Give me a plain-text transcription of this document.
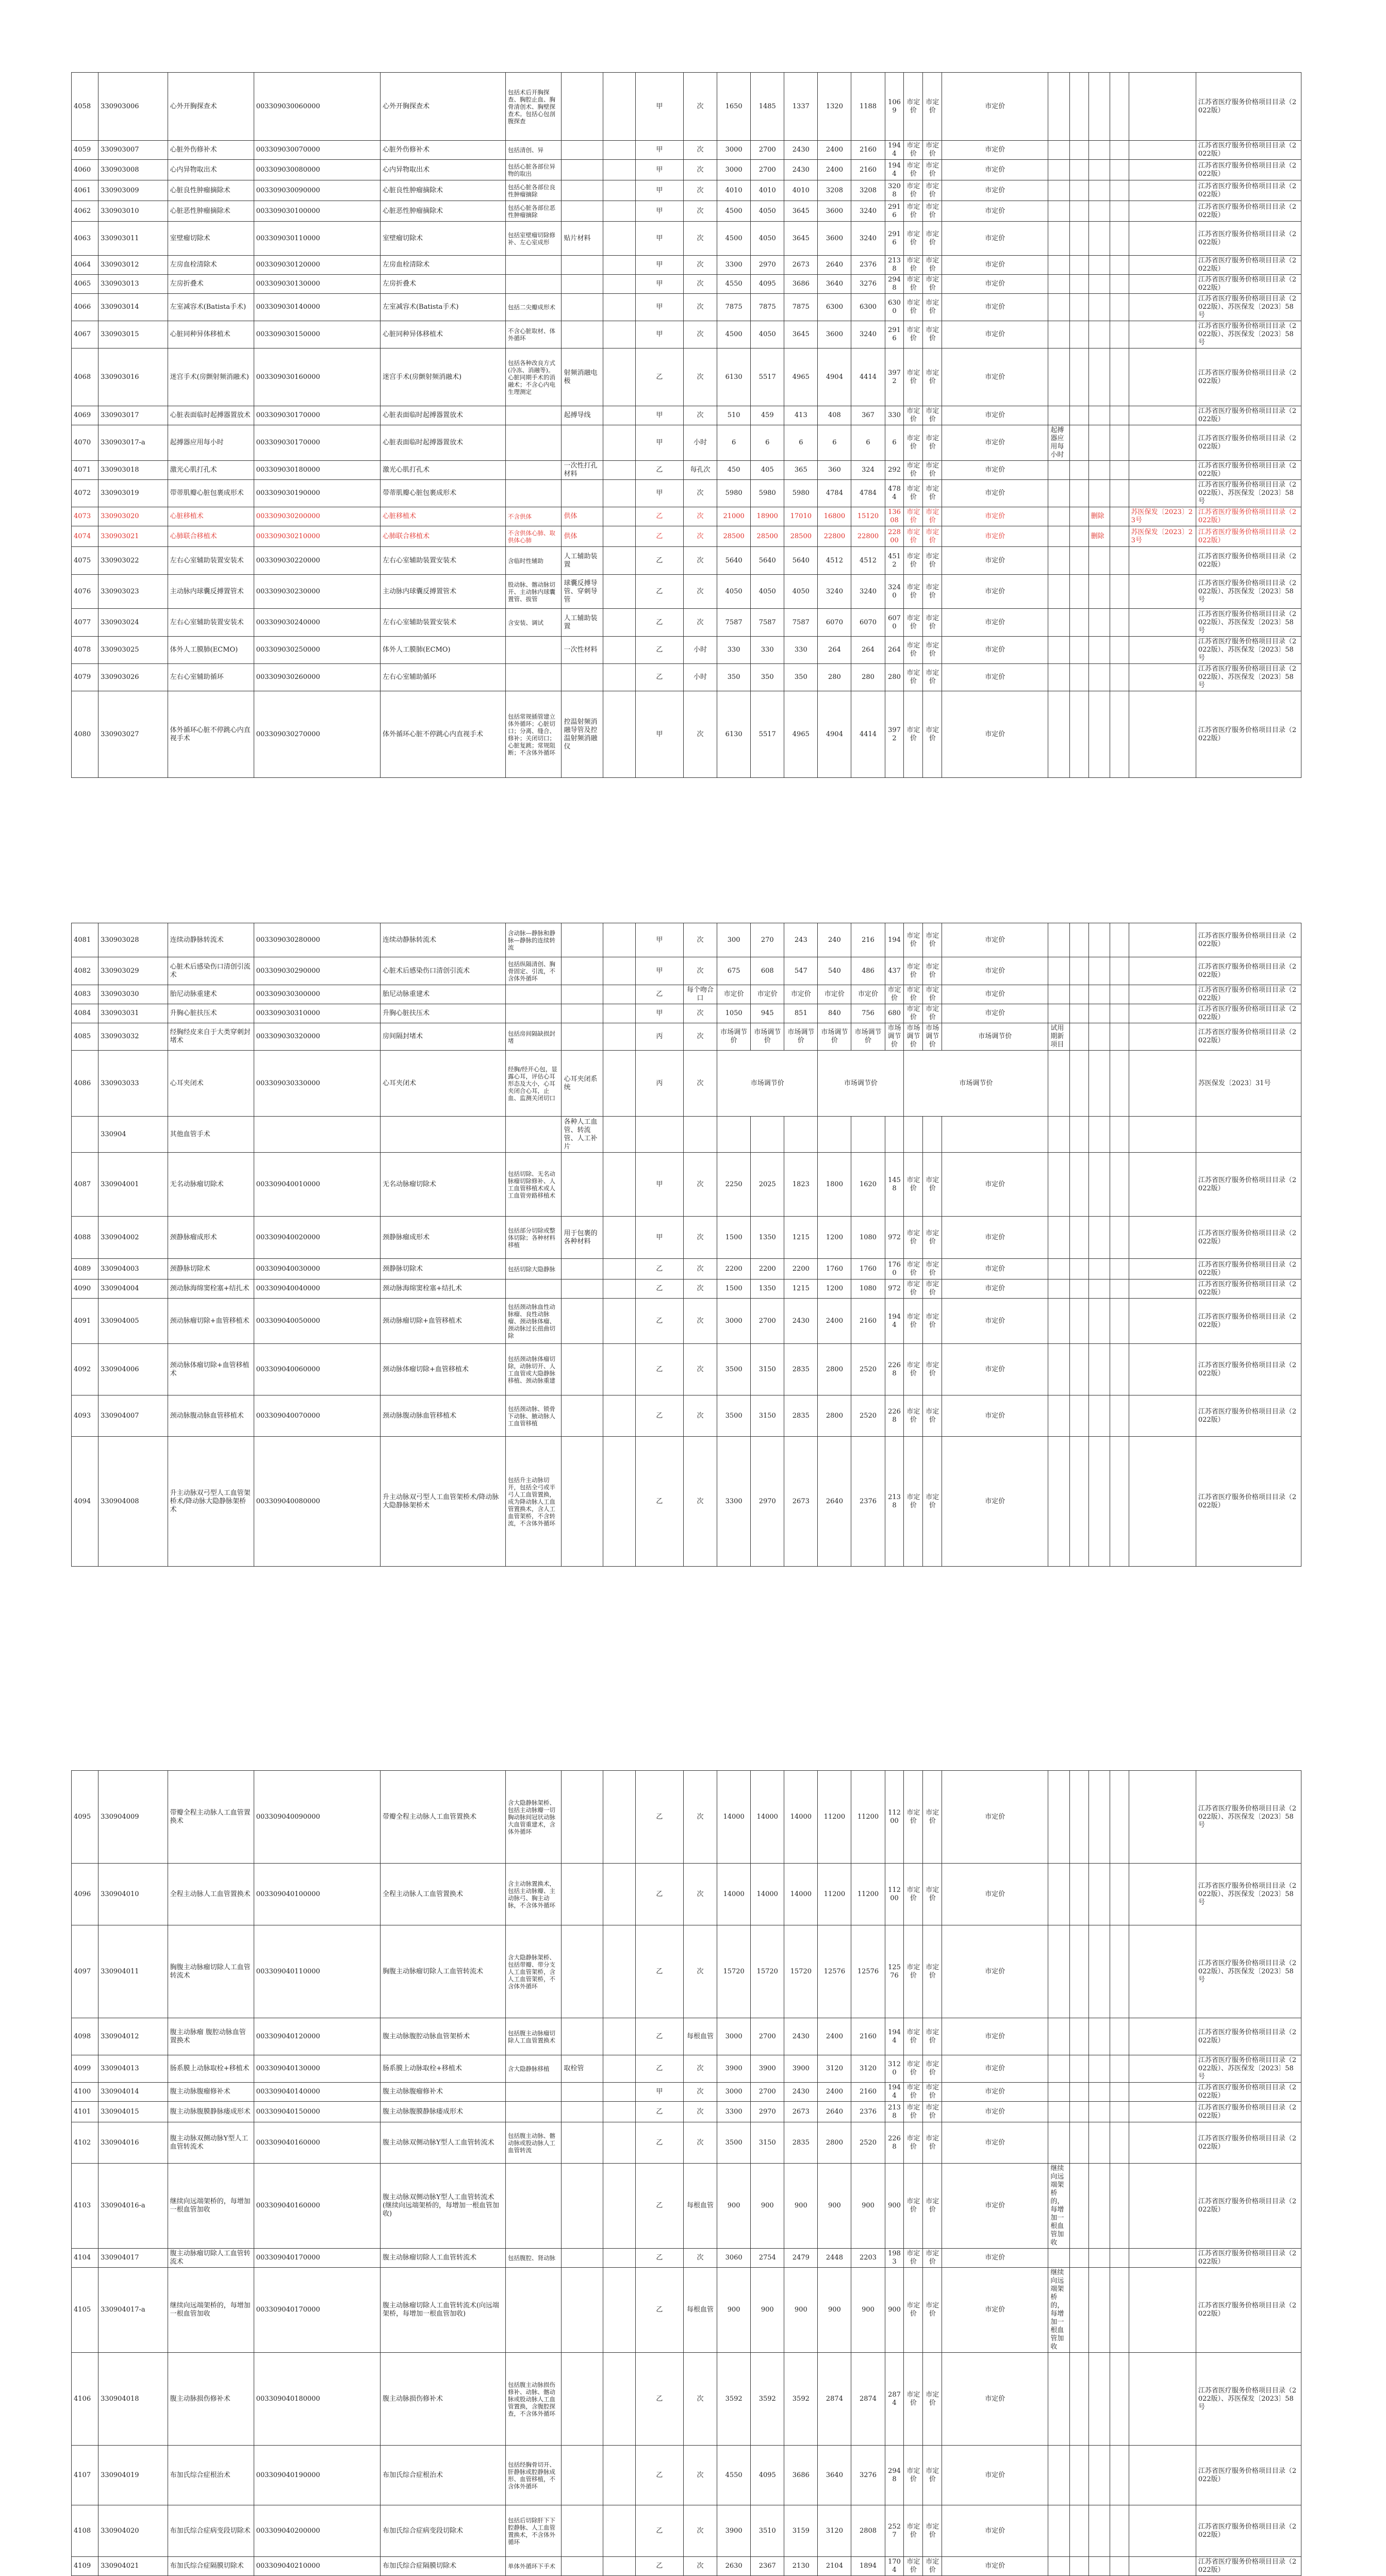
4058	330903006	心外开胸探查术	003309030060000	心外开胸探查术	包括术后开胸探查、胸腔止血、胸骨清创术、胸壁探查术。包括心包剖腹探查			甲	次	1650	1485	1337	1320	1188	1069	市定价	市定价	市定价						江苏省医疗服务价格项目目录（2022版）
4059	330903007	心脏外伤修补术	003309030070000	心脏外伤修补术	包括清创、异			甲	次	3000	2700	2430	2400	2160	1944	市定价	市定价	市定价						江苏省医疗服务价格项目目录（2022版）
4060	330903008	心内异物取出术	003309030080000	心内异物取出术	包括心脏各部位异物的取出			甲	次	3000	2700	2430	2400	2160	1944	市定价	市定价	市定价						江苏省医疗服务价格项目目录（2022版）
4061	330903009	心脏良性肿瘤摘除术	003309030090000	心脏良性肿瘤摘除术	包括心脏各部位良性肿瘤摘除			甲	次	4010	4010	4010	3208	3208	3208	市定价	市定价	市定价						江苏省医疗服务价格项目目录（2022版）
4062	330903010	心脏恶性肿瘤摘除术	003309030100000	心脏恶性肿瘤摘除术	包括心脏各部位恶性肿瘤摘除			甲	次	4500	4050	3645	3600	3240	2916	市定价	市定价	市定价						江苏省医疗服务价格项目目录（2022版）
4063	330903011	室壁瘤切除术	003309030110000	室壁瘤切除术	包括室壁瘤切除修补、左心室成形	贴片材料		甲	次	4500	4050	3645	3600	3240	2916	市定价	市定价	市定价						江苏省医疗服务价格项目目录（2022版）
4064	330903012	左房血栓清除术	003309030120000	左房血栓清除术				甲	次	3300	2970	2673	2640	2376	2138	市定价	市定价	市定价						江苏省医疗服务价格项目目录（2022版）
4065	330903013	左房折叠术	003309030130000	左房折叠术				甲	次	4550	4095	3686	3640	3276	2948	市定价	市定价	市定价						江苏省医疗服务价格项目目录（2022版）
4066	330903014	左室减容术(Batista手术)	003309030140000	左室减容术(Batista手术)	包括二尖瓣成形术			甲	次	7875	7875	7875	6300	6300	6300	市定价	市定价	市定价						江苏省医疗服务价格项目目录（2022版）、苏医保发〔2023〕58号
4067	330903015	心脏同种异体移植术	003309030150000	心脏同种异体移植术	不含心脏取材、体外循环			甲	次	4500	4050	3645	3600	3240	2916	市定价	市定价	市定价						江苏省医疗服务价格项目目录（2022版）、苏医保发〔2023〕58号
4068	330903016	迷宫手术(房颤射频消融术)	003309030160000	迷宫手术(房颤射频消融术)	包括各种改良方式(冷冻、消融等)。心脏同期手术的消融术；不含心内电生理测定	射频消融电极		乙	次	6130	5517	4965	4904	4414	3972	市定价	市定价	市定价						江苏省医疗服务价格项目目录（2022版）
4069	330903017	心脏表面临时起搏器置放术	003309030170000	心脏表面临时起搏器置放术		起搏导线		甲	次	510	459	413	408	367	330	市定价	市定价	市定价						江苏省医疗服务价格项目目录（2022版）
4070	330903017-a	起搏器应用每小时	003309030170000	心脏表面临时起搏器置放术				甲	小时	6	6	6	6	6	6	市定价	市定价	市定价	起搏器应用每小时					江苏省医疗服务价格项目目录（2022版）
4071	330903018	激光心肌打孔术	003309030180000	激光心肌打孔术		一次性打孔材料		乙	每孔次	450	405	365	360	324	292	市定价	市定价	市定价						江苏省医疗服务价格项目目录（2022版）
4072	330903019	带蒂肌瓣心脏包裹成形术	003309030190000	带蒂肌瓣心脏包裹成形术				甲	次	5980	5980	5980	4784	4784	4784	市定价	市定价	市定价						江苏省医疗服务价格项目目录（2022版）、苏医保发〔2023〕58号
4073	330903020	心脏移植术	003309030200000	心脏移植术	不含供体	供体		乙	次	21000	18900	17010	16800	15120	13608	市定价	市定价	市定价			删除		苏医保发〔2023〕23号	江苏省医疗服务价格项目目录（2022版）
4074	330903021	心肺联合移植术	003309030210000	心肺联合移植术	不含供体心肺、取供体心肺	供体		乙	次	28500	28500	28500	22800	22800	22800	市定价	市定价	市定价			删除		苏医保发〔2023〕23号	江苏省医疗服务价格项目目录（2022版）
4075	330903022	左右心室辅助装置安装术	003309030220000	左右心室辅助装置安装术	含临时性辅助	人工辅助装置		乙	次	5640	5640	5640	4512	4512	4512	市定价	市定价	市定价						江苏省医疗服务价格项目目录（2022版）
4076	330903023	主动脉内球囊反搏置管术	003309030230000	主动脉内球囊反搏置管术	股动脉、髂动脉切开、主动脉内球囊置管、拔管	球囊反搏导管、穿刺导管		乙	次	4050	4050	4050	3240	3240	3240	市定价	市定价	市定价						江苏省医疗服务价格项目目录（2022版）、苏医保发〔2023〕58号
4077	330903024	左右心室辅助装置安装术	003309030240000	左右心室辅助装置安装术	含安装、调试	人工辅助装置		乙	次	7587	7587	7587	6070	6070	6070	市定价	市定价	市定价						江苏省医疗服务价格项目目录（2022版）、苏医保发〔2023〕58号
4078	330903025	体外人工膜肺(ECMO)	003309030250000	体外人工膜肺(ECMO)		一次性材料		乙	小时	330	330	330	264	264	264	市定价	市定价	市定价						江苏省医疗服务价格项目目录（2022版）、苏医保发〔2023〕58号
4079	330903026	左右心室辅助循环	003309030260000	左右心室辅助循环				乙	小时	350	350	350	280	280	280	市定价	市定价	市定价						江苏省医疗服务价格项目目录（2022版）、苏医保发〔2023〕58号
4080	330903027	体外循环心脏不停跳心内直视手术	003309030270000	体外循环心脏不停跳心内直视手术	包括常规插管建立体外循环；心脏切口；分离、缝合、修补；关闭切口；心脏复跳；常规阻断；不含体外循环	控温射频消融导管及控温射频消融仪		甲	次	6130	5517	4965	4904	4414	3972	市定价	市定价	市定价						江苏省医疗服务价格项目目录（2022版）
4081	330903028	连续动静脉转流术	003309030280000	连续动静脉转流术	含动脉—静脉和静脉—静脉的连续转流			甲	次	300	270	243	240	216	194	市定价	市定价	市定价						江苏省医疗服务价格项目目录（2022版）
4082	330903029	心脏术后感染伤口清创引流术	003309030290000	心脏术后感染伤口清创引流术	包括纵隔清创、胸骨固定、引流，不含体外循环			甲	次	675	608	547	540	486	437	市定价	市定价	市定价						江苏省医疗服务价格项目目录（2022版）
4083	330903030	胎尼动脉重建术	003309030300000	胎尼动脉重建术				乙	每个吻合口	市定价	市定价	市定价	市定价	市定价	市定价	市定价	市定价	市定价						江苏省医疗服务价格项目目录（2022版）
4084	330903031	升胸心脏扶压术	003309030310000	升胸心脏扶压术				甲	次	1050	945	851	840	756	680	市定价	市定价	市定价						江苏省医疗服务价格项目目录（2022版）
4085	330903032	经胸经皮来自于大类穿刺封堵术	003309030320000	房间隔封堵术	包括房间隔缺损封堵			丙	次	市场调节价	市场调节价	市场调节价	市场调节价	市场调节价	市场调节价	市场调节价	市场调节价	市场调节价	试用期新项目					江苏省医疗服务价格项目目录（2022版）
4086	330903033	心耳夹闭术	003309030330000	心耳夹闭术	经胸/经开心包，显露心耳，评估心耳形态及大小，心耳夹闭合心耳，止血、监测关闭切口	心耳夹闭系统		丙	次	市场调节价			市场调节价			市场调节价								苏医保发〔2023〕31号
	330904	其他血管手术				各种人工血管、转流管、人工补片																		
4087	330904001	无名动脉瘤切除术	003309040010000	无名动脉瘤切除术	包括切除、无名动脉瘤切除修补、人工血管移植术或人工血管旁路移植术			甲	次	2250	2025	1823	1800	1620	1458	市定价	市定价	市定价						江苏省医疗服务价格项目目录（2022版）
4088	330904002	颈静脉瘤成形术	003309040020000	颈静脉瘤成形术	包括部分切除或整体切除；各种材料移植	用于包裹的各种材料		甲	次	1500	1350	1215	1200	1080	972	市定价	市定价	市定价						江苏省医疗服务价格项目目录（2022版）
4089	330904003	颈静脉切除术	003309040030000	颈静脉切除术	包括切除大隐静脉			乙	次	2200	2200	2200	1760	1760	1760	市定价	市定价	市定价						江苏省医疗服务价格项目目录（2022版）
4090	330904004	颈动脉海绵窦栓塞+结扎术	003309040040000	颈动脉海绵窦栓塞+结扎术				乙	次	1500	1350	1215	1200	1080	972	市定价	市定价	市定价						江苏省医疗服务价格项目目录（2022版）
4091	330904005	颈动脉瘤切除+血管移植术	003309040050000	颈动脉瘤切除+血管移植术	包括颈动脉血性动脉瘤、良性动脉瘤、颈动脉体瘤、颈动脉过长扭曲切除			乙	次	3000	2700	2430	2400	2160	1944	市定价	市定价	市定价						江苏省医疗服务价格项目目录（2022版）
4092	330904006	颈动脉体瘤切除+血管移植术	003309040060000	颈动脉体瘤切除+血管移植术	包括颈动脉体瘤切除，动脉切开、人工血管或大隐静脉移植、颈动脉重建			乙	次	3500	3150	2835	2800	2520	2268	市定价	市定价	市定价						江苏省医疗服务价格项目目录（2022版）
4093	330904007	颈动脉腹动脉血管移植术	003309040070000	颈动脉腹动脉血管移植术	包括颈动脉、锁骨下动脉、腋动脉人工血管移植			乙	次	3500	3150	2835	2800	2520	2268	市定价	市定价	市定价						江苏省医疗服务价格项目目录（2022版）
4094	330904008	升主动脉双弓型人工血管架桥术/降动脉大隐静脉架桥术	003309040080000	升主动脉双弓型人工血管架桥术/降动脉大隐静脉架桥术	包括升主动脉切开，包括全弓或半弓人工血管置换，成为降动脉人工血管置换术，含人工血管架桥，不含转流，不含体外循环			乙	次	3300	2970	2673	2640	2376	2138	市定价	市定价	市定价						江苏省医疗服务价格项目目录（2022版）
4095	330904009	带瓣全程主动脉人工血管置换术	003309040090000	带瓣全程主动脉人工血管置换术	含大隐静脉架桥、包括主动脉瓣一切胸动脉间冠状动脉大血管重建术，含体外循环			乙	次	14000	14000	14000	11200	11200	11200	市定价	市定价	市定价						江苏省医疗服务价格项目目录（2022版）、苏医保发〔2023〕58号
4096	330904010	全程主动脉人工血管置换术	003309040100000	全程主动脉人工血管置换术	含主动脉置换术，包括主动脉瓣、主动脉弓、胸主动脉，不含体外循环			乙	次	14000	14000	14000	11200	11200	11200	市定价	市定价	市定价						江苏省医疗服务价格项目目录（2022版）、苏医保发〔2023〕58号
4097	330904011	胸腹主动脉瘤切除人工血管转流术	003309040110000	胸腹主动脉瘤切除人工血管转流术	含大隐静脉架桥、包括带瓣、带分支人工血管架桥，含人工血管架桥，不含体外循环			乙	次	15720	15720	15720	12576	12576	12576	市定价	市定价	市定价						江苏省医疗服务价格项目目录（2022版）、苏医保发〔2023〕58号
4098	330904012	腹主动脉瘤 腹腔动脉血管置换术	003309040120000	腹主动脉腹腔动脉血管架桥术	包括腹主动脉瘤切除人工血管置换术			乙	每根血管	3000	2700	2430	2400	2160	1944	市定价	市定价	市定价						江苏省医疗服务价格项目目录（2022版）
4099	330904013	肠系膜上动脉取栓+移植术	003309040130000	肠系膜上动脉取栓+移植术	含大隐静脉移植	取栓管		乙	次	3900	3900	3900	3120	3120	3120	市定价	市定价	市定价						江苏省医疗服务价格项目目录（2022版）、苏医保发〔2023〕58号
4100	330904014	腹主动脉腹瘤修补术	003309040140000	腹主动脉腹瘤修补术				甲	次	3000	2700	2430	2400	2160	1944	市定价	市定价	市定价						江苏省医疗服务价格项目目录（2022版）
4101	330904015	腹主动脉腹膜静脉瘘成形术	003309040150000	腹主动脉腹膜静脉瘘成形术				乙	次	3300	2970	2673	2640	2376	2138	市定价	市定价	市定价						江苏省医疗服务价格项目目录（2022版）
4102	330904016	腹主动脉双侧动脉Y型人工血管转流术	003309040160000	腹主动脉双侧动脉Y型人工血管转流术	包括腹主动脉、髂动脉或股动脉人工血管转流			乙	次	3500	3150	2835	2800	2520	2268	市定价	市定价	市定价						江苏省医疗服务价格项目目录（2022版）
4103	330904016-a	继续向远端架桥的，每增加一根血管加收	003309040160000	腹主动脉双侧动脉Y型人工血管转流术(继续向远端架桥的，每增加一根血管加收)				乙	每根血管	900	900	900	900	900	900	市定价	市定价	市定价	继续向远端架桥的，每增加一根血管加收					江苏省医疗服务价格项目目录（2022版）
4104	330904017	腹主动脉瘤切除人工血管转流术	003309040170000	腹主动脉瘤切除人工血管转流术	包括腹腔、肾动脉			乙	次	3060	2754	2479	2448	2203	1983	市定价	市定价	市定价						江苏省医疗服务价格项目目录（2022版）
4105	330904017-a	继续向远端架桥的，每增加一根血管加收	003309040170000	腹主动脉瘤切除人工血管转流术(向远端架桥，每增加一根血管加收)				乙	每根血管	900	900	900	900	900	900	市定价	市定价	市定价	继续向远端架桥的，每增加一根血管加收					江苏省医疗服务价格项目目录（2022版）
4106	330904018	腹主动脉损伤修补术	003309040180000	腹主动脉损伤修补术	包括腹主动脉损伤修补、动脉、髂动脉或股动脉人工血管置换，含腹腔探查，不含体外循环			乙	次	3592	3592	3592	2874	2874	2874	市定价	市定价	市定价						江苏省医疗服务价格项目目录（2022版）、苏医保发〔2023〕58号
4107	330904019	布加氏综合症根治术	003309040190000	布加氏综合症根治术	包括经胸骨切开、肝静脉或腔静脉成形、血管移植，不含体外循环			乙	次	4550	4095	3686	3640	3276	2948	市定价	市定价	市定价						江苏省医疗服务价格项目目录（2022版）
4108	330904020	布加氏综合症病变段切除术	003309040200000	布加氏综合症病变段切除术	包括后切除肝下下腔静脉、人工血管置换术，不含体外循环			乙	次	3900	3510	3159	3120	2808	2527	市定价	市定价	市定价						江苏省医疗服务价格项目目录（2022版）
4109	330904021	布加氏综合症隔膜切除术	003309040210000	布加氏综合症隔膜切除术	单体外循环下手术			乙	次	2630	2367	2130	2104	1894	1704	市定价	市定价	市定价						江苏省医疗服务价格项目目录（2022版）
